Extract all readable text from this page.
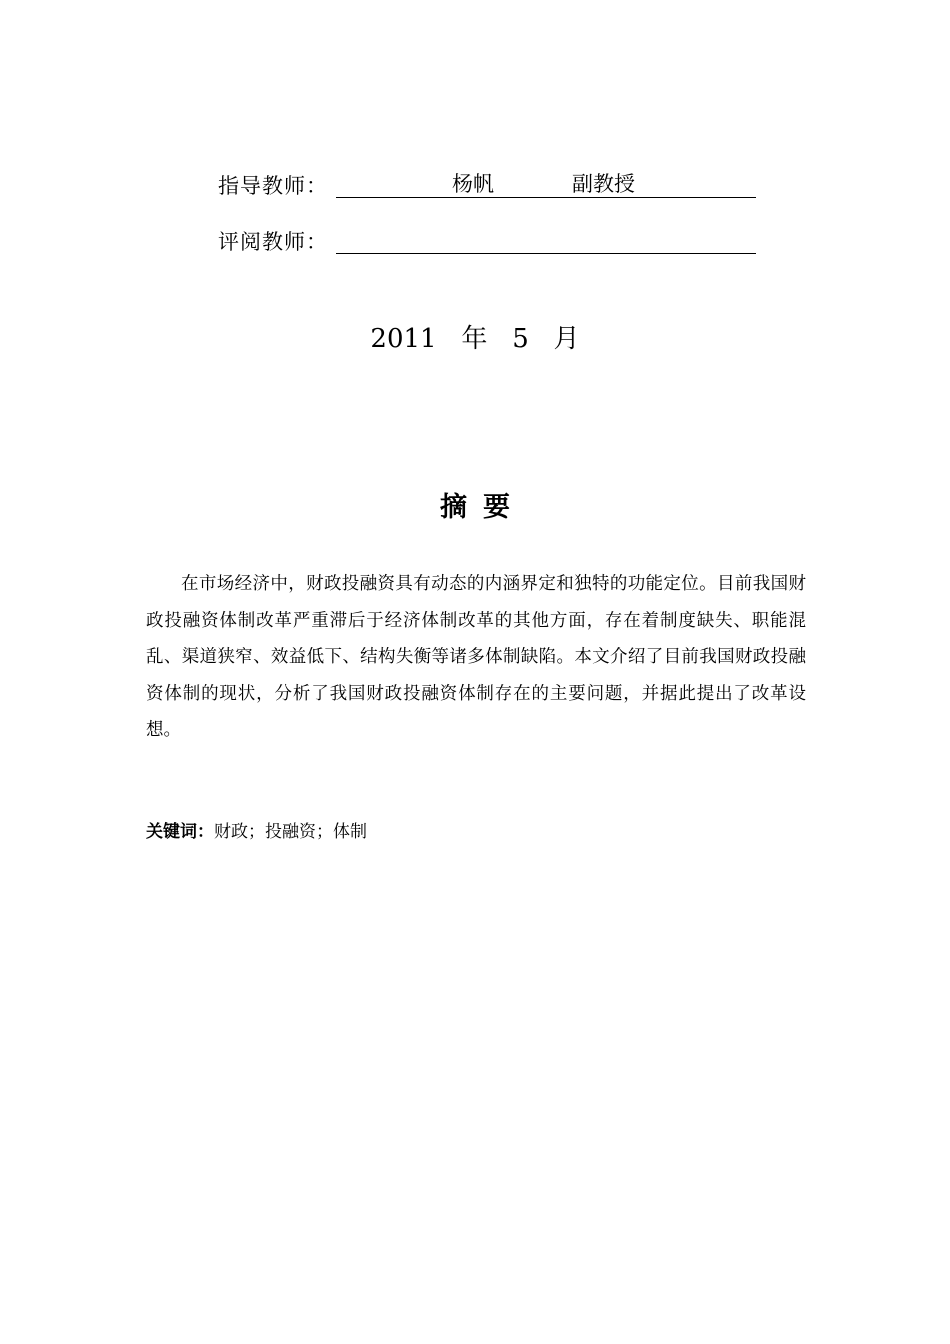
指导教师：	杨帆	副教授
评阅教师：
2011 年 5 月
摘要
在市场经济中，财政投融资具有动态的内涵界定和独特的功能定位。目前我国财政投融资体制改革严重滞后于经济体制改革的其他方面，存在着制度缺失、职能混乱、渠道狭窄、效益低下、结构失衡等诸多体制缺陷。本文介绍了目前我国财政投融资体制的现状，分析了我国财政投融资体制存在的主要问题，并据此提出了改革设想。
关键词：财政；投融资；体制
